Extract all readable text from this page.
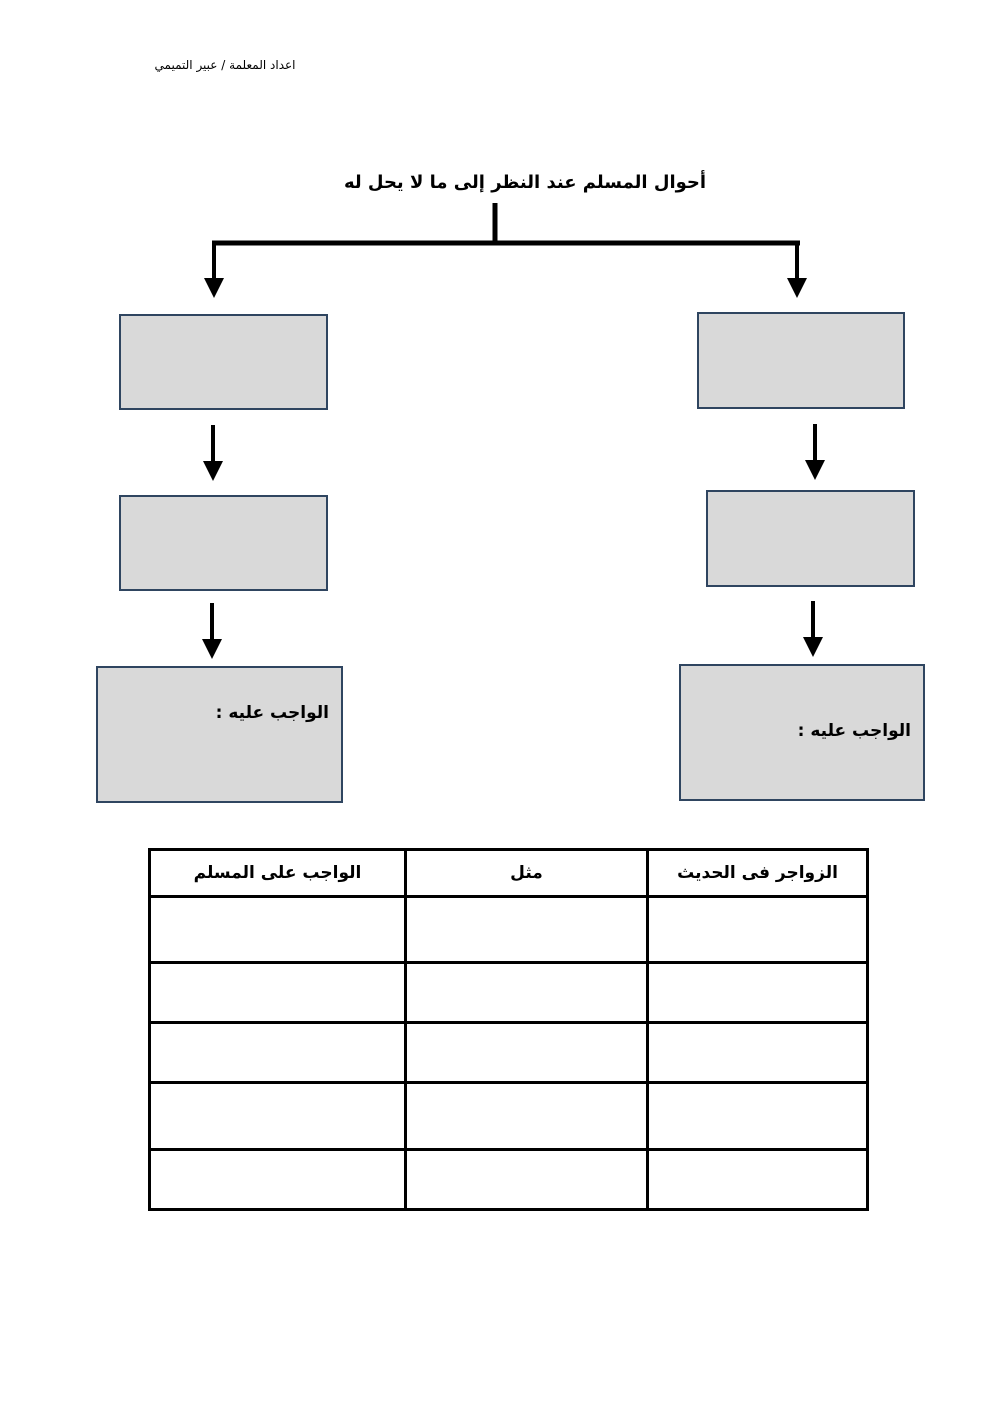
اعداد المعلمة / عبير التميمي
أحوال المسلم عند النظر إلى ما لا يحل له
الواجب عليه :
الواجب عليه :
الزواجر فى الحديث	مثل	الواجب على المسلم
